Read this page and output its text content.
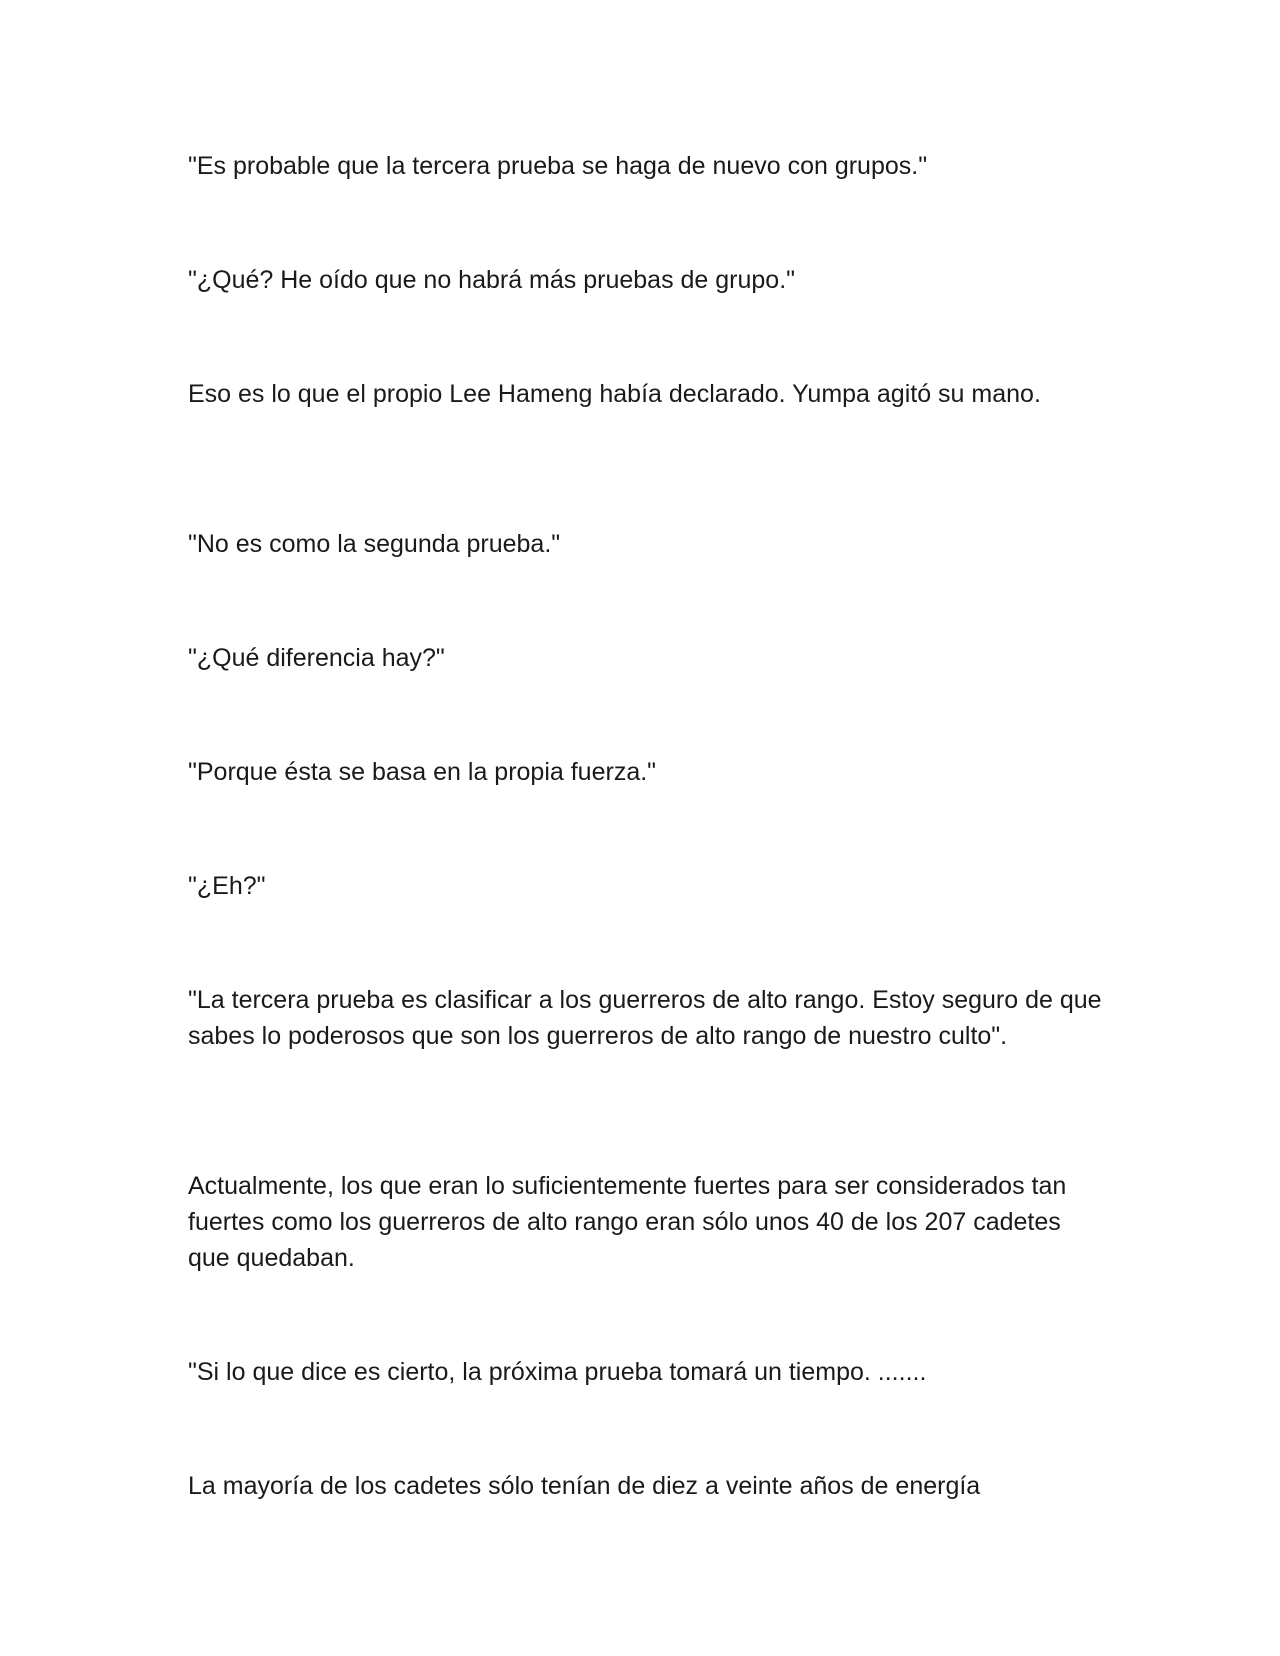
"Es probable que la tercera prueba se haga de nuevo con grupos."

"¿Qué? He oído que no habrá más pruebas de grupo."

Eso es lo que el propio Lee Hameng había declarado. Yumpa agitó su mano.

"No es como la segunda prueba."

"¿Qué diferencia hay?"

"Porque ésta se basa en la propia fuerza."

"¿Eh?"

"La tercera prueba es clasificar a los guerreros de alto rango. Estoy seguro de que sabes lo poderosos que son los guerreros de alto rango de nuestro culto".

Actualmente, los que eran lo suficientemente fuertes para ser considerados tan fuertes como los guerreros de alto rango eran sólo unos 40 de los 207 cadetes que quedaban.

"Si lo que dice es cierto, la próxima prueba tomará un tiempo. .......

La mayoría de los cadetes sólo tenían de diez a veinte años de energía
